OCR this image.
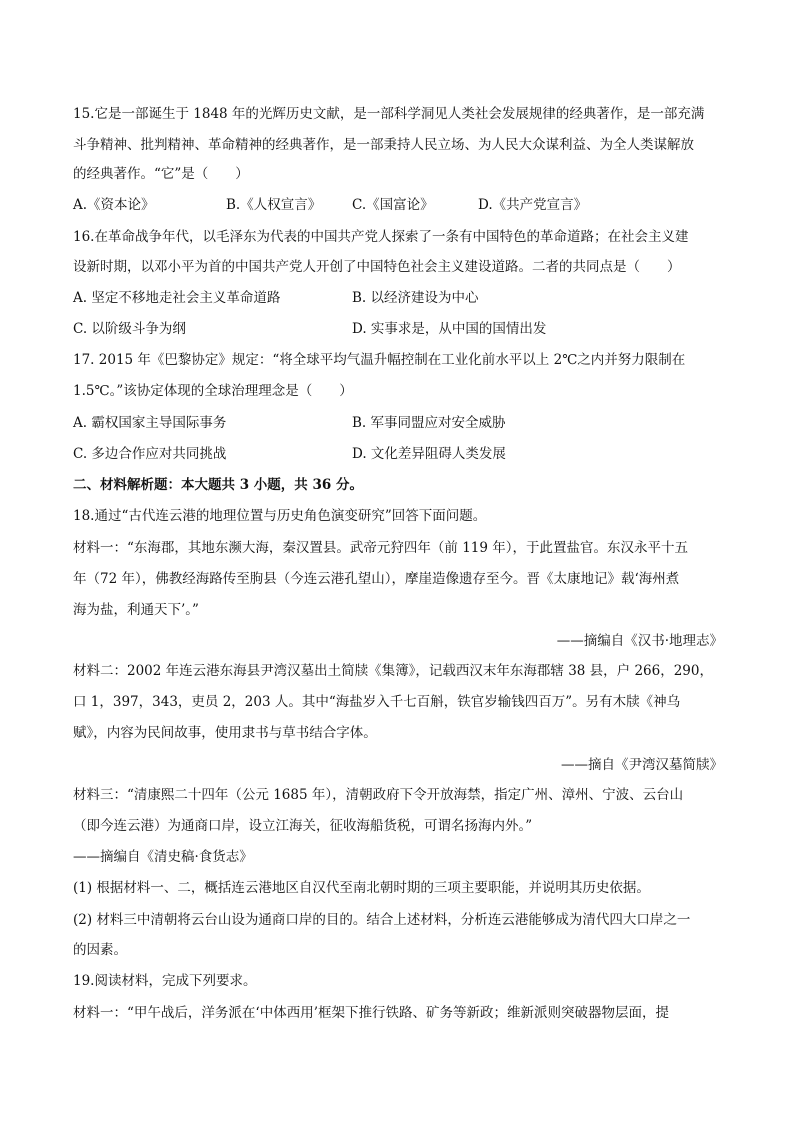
15.它是一部诞生于 1848 年的光辉历史文献，是一部科学洞见人类社会发展规律的经典著作，是一部充满
斗争精神、批判精神、革命精神的经典著作，是一部秉持人民立场、为人民大众谋利益、为全人类谋解放
的经典著作。“它”是（　　）
A.《资本论》	B.《人权宣言》 C.《国富论》	D.《共产党宣言》
16.在革命战争年代，以毛泽东为代表的中国共产党人探索了一条有中国特色的革命道路；在社会主义建
设新时期，以邓小平为首的中国共产党人开创了中国特色社会主义建设道路。二者的共同点是（　　）
A. 坚定不移地走社会主义革命道路	B. 以经济建设为中心
C. 以阶级斗争为纲	D. 实事求是，从中国的国情出发
17. 2015 年《巴黎协定》规定：“将全球平均气温升幅控制在工业化前水平以上 2℃之内并努力限制在
1.5℃。”该协定体现的全球治理理念是（　　）
A. 霸权国家主导国际事务	B. 军事同盟应对安全威胁
C. 多边合作应对共同挑战	D. 文化差异阻碍人类发展
二、材料解析题：本大题共 3 小题，共 36 分。
18.通过“古代连云港的地理位置与历史角色演变研究”回答下面问题。
材料一：“东海郡，其地东濒大海，秦汉置县。武帝元狩四年（前 119 年），于此置盐官。东汉永平十五
年（72 年），佛教经海路传至朐县（今连云港孔望山），摩崖造像遗存至今。晋《太康地记》载‘海州煮
海为盐，利通天下’。”
——摘编自《汉书·地理志》
材料二：2002 年连云港东海县尹湾汉墓出土简牍《集簿》，记载西汉末年东海郡辖 38 县，户 266，290，
口 1，397，343，吏员 2，203 人。其中“海盐岁入千七百斛，铁官岁输钱四百万”。另有木牍《神乌
赋》，内容为民间故事，使用隶书与草书结合字体。
——摘自《尹湾汉墓简牍》
材料三：“清康熙二十四年（公元 1685 年），清朝政府下令开放海禁，指定广州、漳州、宁波、云台山
（即今连云港）为通商口岸，设立江海关，征收海船货税，可谓名扬海内外。”
——摘编自《清史稿·食货志》
(1) 根据材料一、二，概括连云港地区自汉代至南北朝时期的三项主要职能，并说明其历史依据。
(2) 材料三中清朝将云台山设为通商口岸的目的。结合上述材料，分析连云港能够成为清代四大口岸之一
的因素。
19.阅读材料，完成下列要求。
材料一：“甲午战后，洋务派在‘中体西用’框架下推行铁路、矿务等新政；维新派则突破器物层面，提
